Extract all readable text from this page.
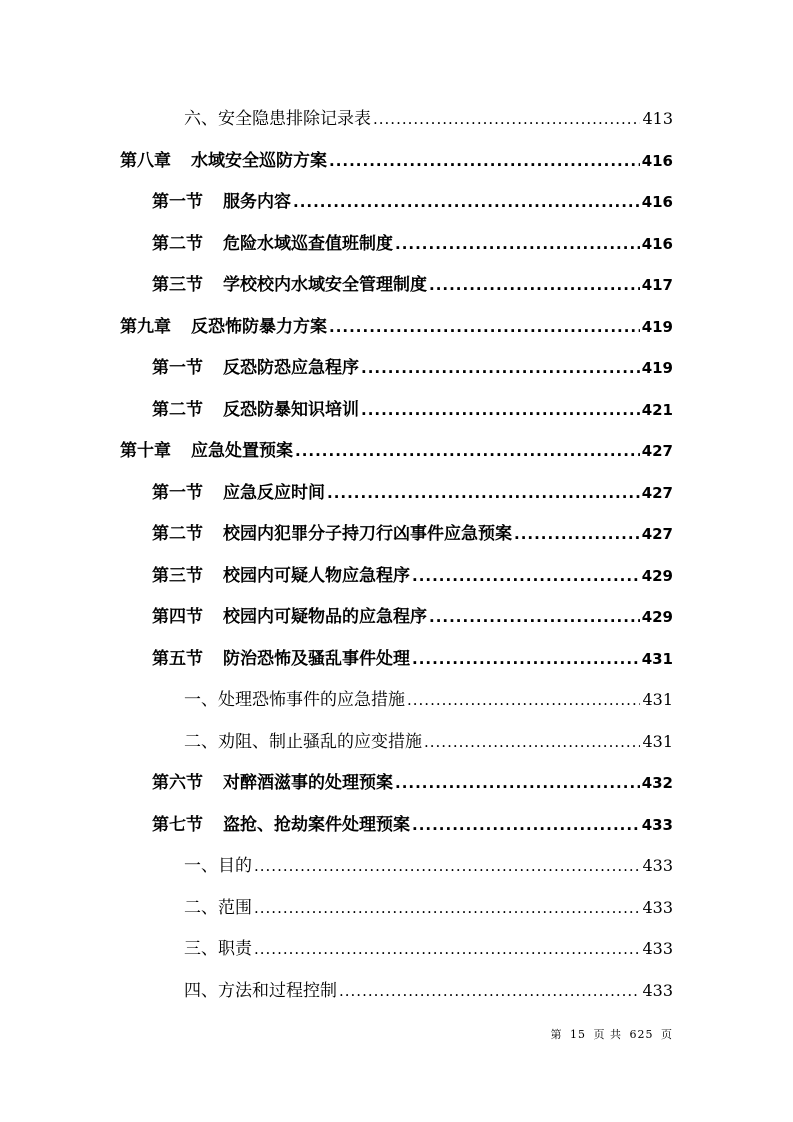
六、安全隐患排除记录表 .....	413
第八章 水域安全巡防方案 .....	416
第一节 服务内容 .....	416
第二节 危险水域巡查值班制度 .....	416
第三节 学校校内水域安全管理制度 .....	417
第九章 反恐怖防暴力方案 .....	419
第一节 反恐防恐应急程序 .....	419
第二节 反恐防暴知识培训 .....	421
第十章 应急处置预案 .....	427
第一节 应急反应时间 .....	427
第二节 校园内犯罪分子持刀行凶事件应急预案 .....	427
第三节 校园内可疑人物应急程序 .....	429
第四节 校园内可疑物品的应急程序 .....	429
第五节 防治恐怖及骚乱事件处理 .....	431
一、处理恐怖事件的应急措施 .....	431
二、劝阻、制止骚乱的应变措施 .....	431
第六节 对醉酒滋事的处理预案 .....	432
第七节 盗抢、抢劫案件处理预案 .....	433
一、目的 .....	433
二、范围 .....	433
三、职责 .....	433
四、方法和过程控制 .....	433
第 15 页 共 625 页
